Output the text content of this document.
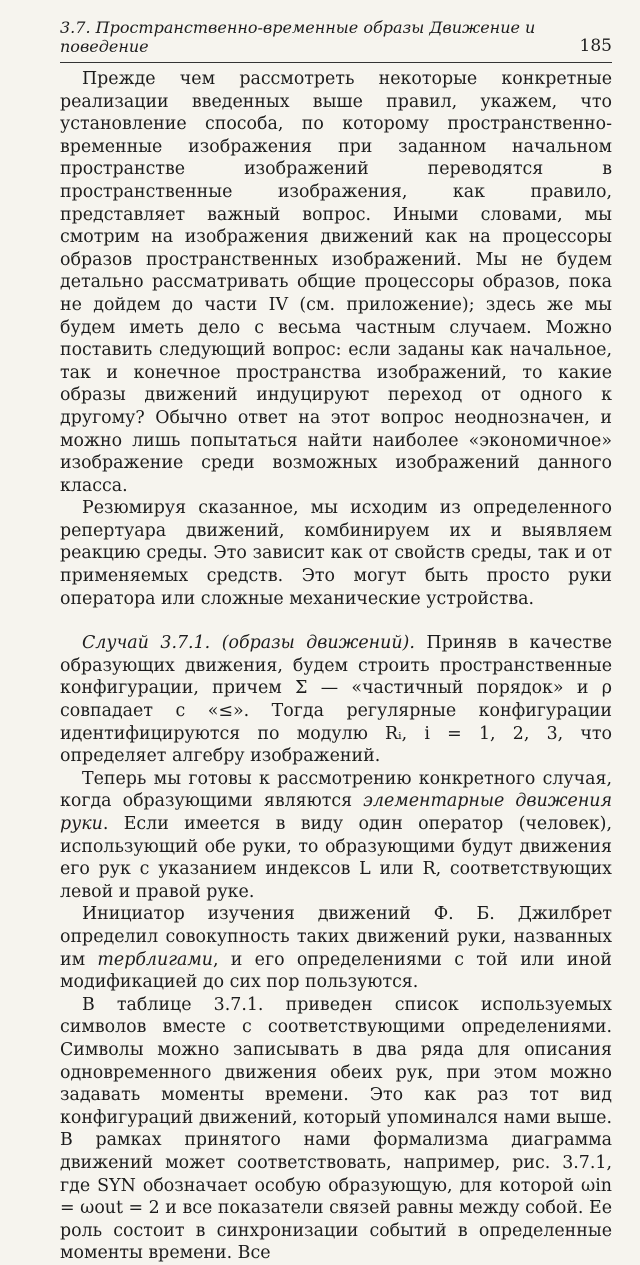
3.7. Пространственно-временные образы Движение и поведение	185

Прежде чем рассмотреть некоторые конкретные реализации введенных выше правил, укажем, что установление способа, по которому пространственно-временные изображения при заданном начальном пространстве изображений переводятся в пространственные изображения, как правило, представляет важный вопрос. Иными словами, мы смотрим на изображения движений как на процессоры образов пространственных изображений. Мы не будем детально рассматривать общие процессоры образов, пока не дойдем до части IV (см. приложение); здесь же мы будем иметь дело с весьма частным случаем. Можно поставить следующий вопрос: если заданы как начальное, так и конечное пространства изображений, то какие образы движений индуцируют переход от одного к другому? Обычно ответ на этот вопрос неоднозначен, и можно лишь попытаться найти наиболее «экономичное» изображение среди возможных изображений данного класса.

Резюмируя сказанное, мы исходим из определенного репертуара движений, комбинируем их и выявляем реакцию среды. Это зависит как от свойств среды, так и от применяемых средств. Это могут быть просто руки оператора или сложные механические устройства.

Случай 3.7.1. (образы движений). Приняв в качестве образующих движения, будем строить пространственные конфигурации, причем Σ — «частичный порядок» и ρ совпадает с «≤». Тогда регулярные конфигурации идентифицируются по модулю Rᵢ, i = 1, 2, 3, что определяет алгебру изображений.

Теперь мы готовы к рассмотрению конкретного случая, когда образующими являются элементарные движения руки. Если имеется в виду один оператор (человек), использующий обе руки, то образующими будут движения его рук с указанием индексов L или R, соответствующих левой и правой руке.

Инициатор изучения движений Ф. Б. Джилбрет определил совокупность таких движений руки, названных им терблигами, и его определениями с той или иной модификацией до сих пор пользуются.

В таблице 3.7.1. приведен список используемых символов вместе с соответствующими определениями. Символы можно записывать в два ряда для описания одновременного движения обеих рук, при этом можно задавать моменты времени. Это как раз тот вид конфигураций движений, который упоминался нами выше. В рамках принятого нами формализма диаграмма движений может соответствовать, например, рис. 3.7.1, где SYN обозначает особую образующую, для которой ωin = ωout = 2 и все показатели связей равны между собой. Ее роль состоит в синхронизации событий в определенные моменты времени. Все
